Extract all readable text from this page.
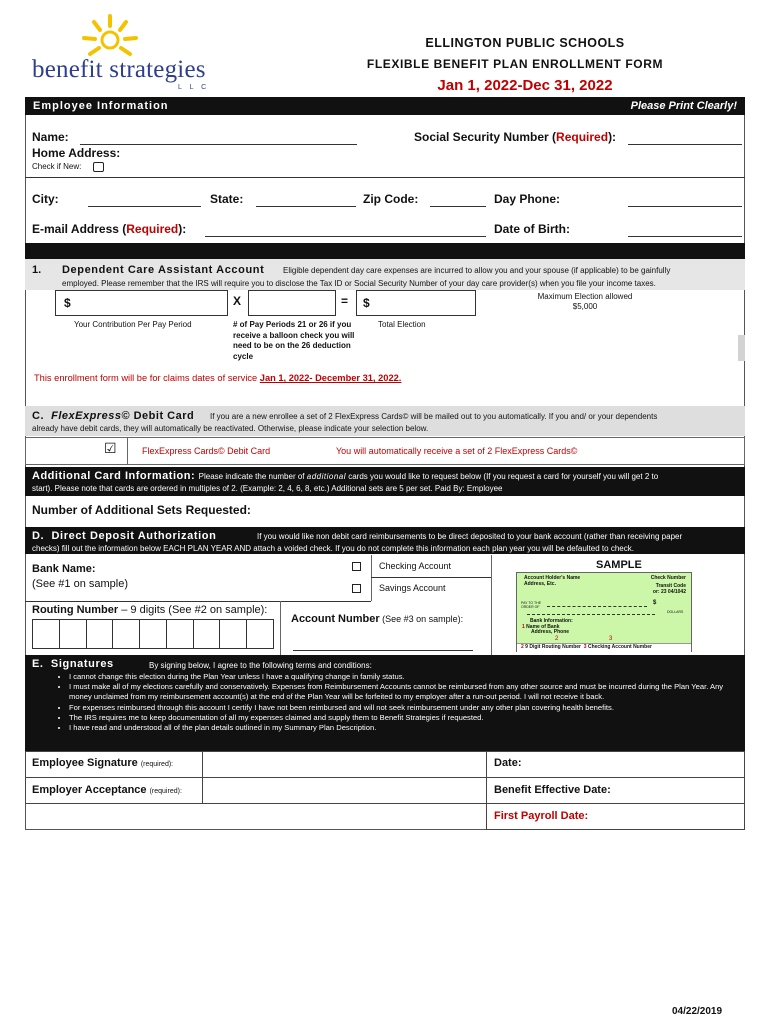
benefit strategies
L L C
ELLINGTON PUBLIC SCHOOLS
FLEXIBLE BENEFIT PLAN ENROLLMENT FORM
Jan 1, 2022-Dec 31, 2022
Employee Information	Please Print Clearly!
Name:	Social Security Number (Required):
Home Address:
Check if New:
City:	State:	Zip Code:	Day Phone:
E-mail Address (Required):	Date of Birth:
1. Dependent Care Assistant Account Eligible dependent day care expenses are incurred to allow you and your spouse (if applicable) to be gainfully
employed. Please remember that the IRS will require you to disclose the Tax ID or Social Security Number of your day care provider(s) when you file your income taxes.
$	X	= $	Maximum Election allowed
$5,000
Your Contribution Per Pay Period	# of Pay Periods 21 or 26 if you receive a balloon check you will need to be on the 26 deduction cycle
Total Election
This enrollment form will be for claims dates of service Jan 1, 2022- December 31, 2022.
C. FlexExpress© Debit Card If you are a new enrollee a set of 2 FlexExpress Cards© will be mailed out to you automatically. If you and/ or your dependents
already have debit cards, they will automatically be reactivated. Otherwise, please indicate your selection below.
☑	FlexExpress Cards© Debit Card	You will automatically receive a set of 2 FlexExpress Cards©
Additional Card Information: Please indicate the number of additional cards you would like to request below (If you request a card for yourself you will get 2 to
start). Please note that cards are ordered in multiples of 2. (Example: 2, 4, 6, 8, etc.) Additional sets are 5 per set. Paid By: Employee
Number of Additional Sets Requested:
D. Direct Deposit Authorization	If you would like non debit card reimbursements to be direct deposited to your bank account (rather than receiving paper
checks) fill out the information below EACH PLAN YEAR AND attach a voided check. If you do not complete this information each plan year you will be defaulted to check.
Bank Name:
(See #1 on sample)
Checking Account
Savings Account
SAMPLE
Account Holder's Name
Address, Etc.
Check Number
Transit Code
or: 23 04/1042
PAY TO THE ORDER OF
$
DOLLARS
Bank Information:
1 Name of Bank
Address, Phone
2	3
2 9 Digit Routing Number 3 Checking Account Number
Routing Number – 9 digits (See #2 on sample):
Account Number (See #3 on sample):
E. Signatures	By signing below, I agree to the following terms and conditions:
• I cannot change this election during the Plan Year unless I have a qualifying change in family status.
• I must make all of my elections carefully and conservatively. Expenses from Reimbursement Accounts cannot be reimbursed from any other source and must be incurred during the Plan Year. Any money unclaimed from my reimbursement account(s) at the end of the Plan Year will be forfeited to my employer after a run-out period. I will not receive it back.
• For expenses reimbursed through this account I certify I have not been reimbursed and will not seek reimbursement under any other plan covering health benefits.
• The IRS requires me to keep documentation of all my expenses claimed and supply them to Benefit Strategies if requested.
• I have read and understood all of the plan details outlined in my Summary Plan Description.
Employee Signature (required):	Date:
Employer Acceptance (required):	Benefit Effective Date:
First Payroll Date:
04/22/2019
